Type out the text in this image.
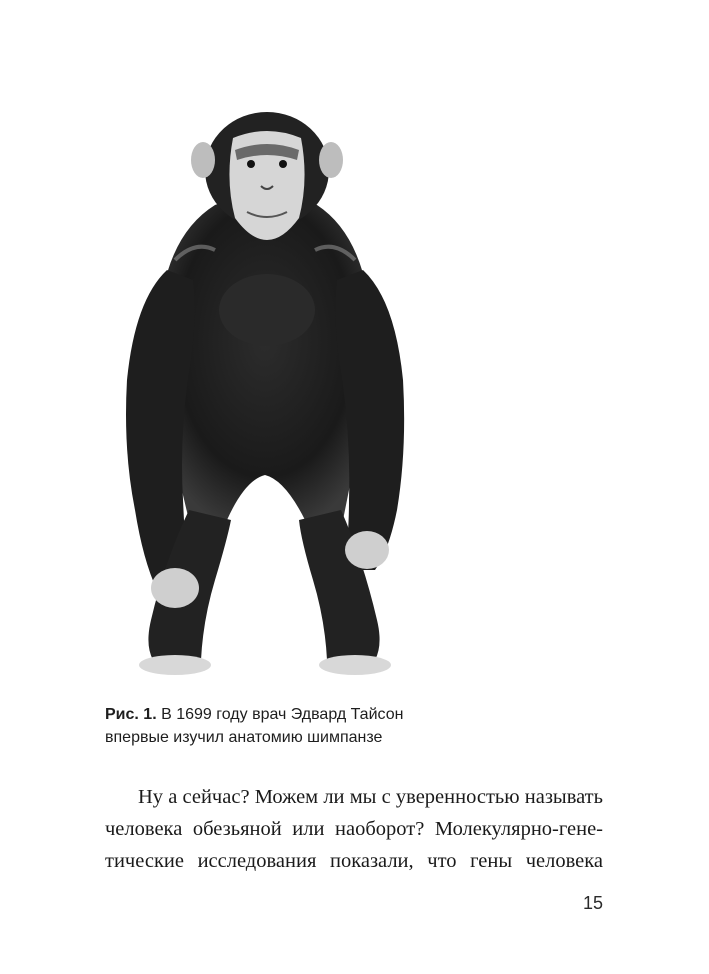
Рис. 1. В 1699 году врач Эдвард Тайсон
впервые изучил анатомию шимпанзе
Ну а сейчас? Можем ли мы с уверенностью называть
человека обезьяной или наоборот? Молекулярно-гене-
тические исследования показали, что гены человека
15
